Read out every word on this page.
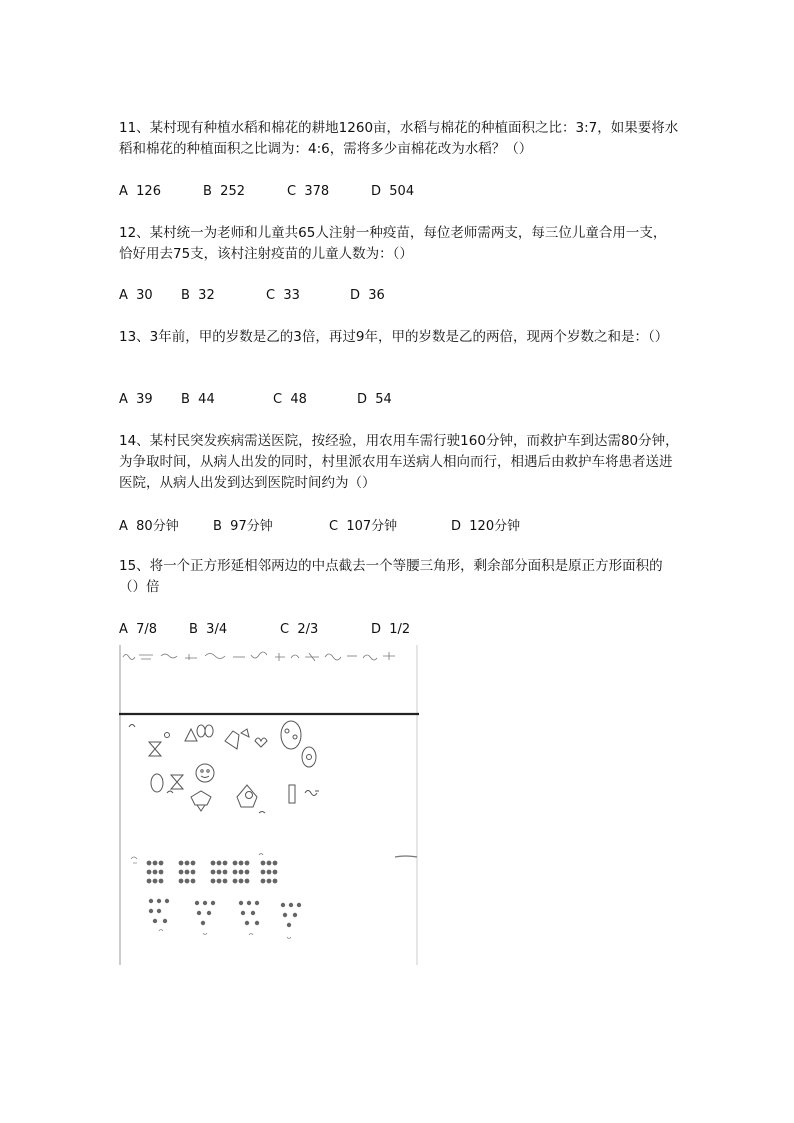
11、某村现有种植水稻和棉花的耕地1260亩，水稻与棉花的种植面积之比：3:7，如果要将水稻和棉花的种植面积之比调为：4:6，需将多少亩棉花改为水稻？（）

A  126	B  252	C  378	D  504

12、某村统一为老师和儿童共65人注射一种疫苗，每位老师需两支，每三位儿童合用一支，恰好用去75支，该村注射疫苗的儿童人数为：（）

A  30 B  32	C  33	D  36

13、3年前，甲的岁数是乙的3倍，再过9年，甲的岁数是乙的两倍，现两个岁数之和是：（）

A  39 B  44	C  48	D  54

14、某村民突发疾病需送医院，按经验，用农用车需行驶160分钟，而救护车到达需80分钟，为争取时间，从病人出发的同时，村里派农用车送病人相向而行，相遇后由救护车将患者送进医院，从病人出发到达到医院时间约为（）

A  80分钟	B  97分钟	C  107分钟	D  120分钟

15、将一个正方形延相邻两边的中点截去一个等腰三角形，剩余部分面积是原正方形面积的（）倍

A  7/8 B  3/4	C  2/3	D  1/2
